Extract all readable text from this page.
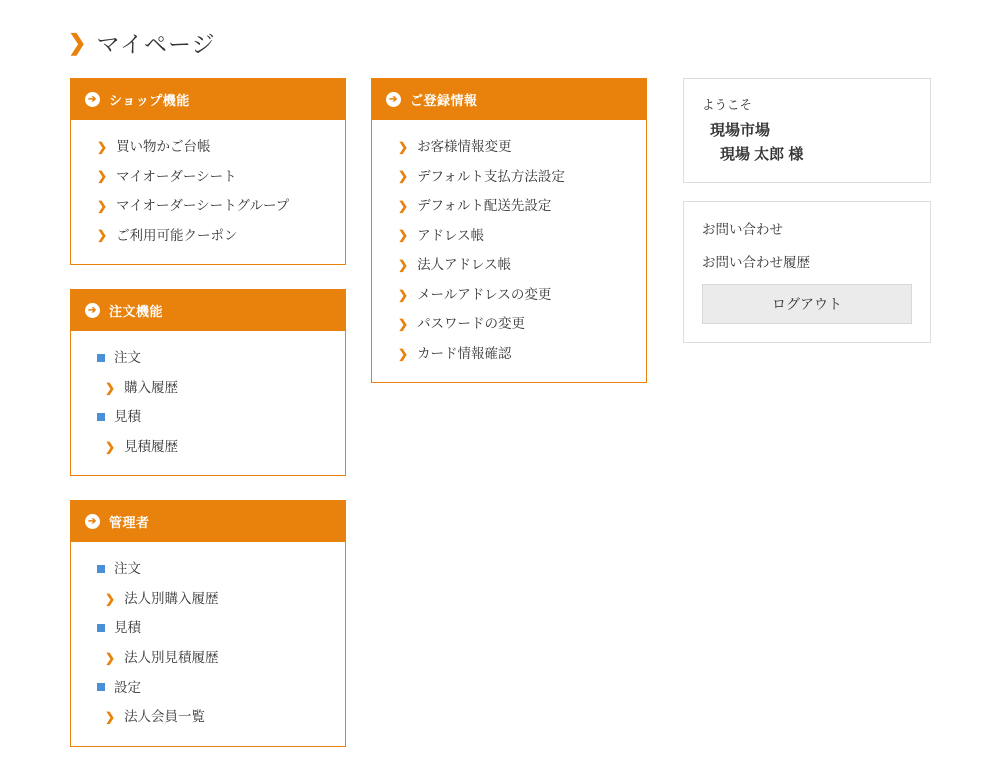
❯ マイページ
➔ ショップ機能
❯ 買い物かご台帳
❯ マイオーダーシート
❯ マイオーダーシートグループ
❯ ご利用可能クーポン
➔ 注文機能
注文
❯ 購入履歴
見積
❯ 見積履歴
➔ 管理者
注文
❯ 法人別購入履歴
見積
❯ 法人別見積履歴
設定
❯ 法人会員一覧
➔ ご登録情報
❯ お客様情報変更
❯ デフォルト支払方法設定
❯ デフォルト配送先設定
❯ アドレス帳
❯ 法人アドレス帳
❯ メールアドレスの変更
❯ パスワードの変更
❯ カード情報確認
ようこそ
現場市場
現場 太郎 様
お問い合わせ
お問い合わせ履歴
ログアウト
